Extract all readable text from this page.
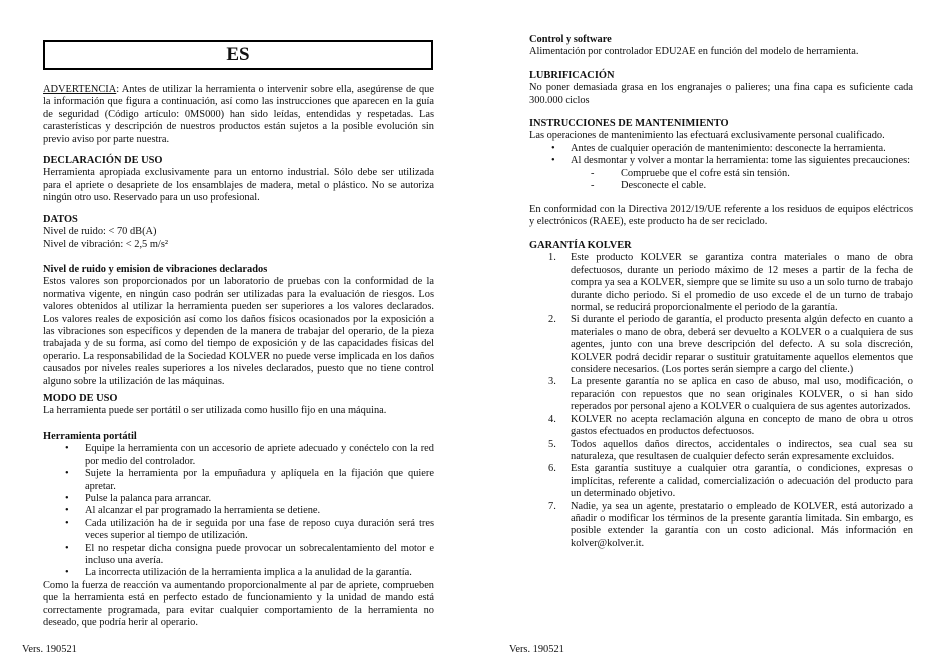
ES

ADVERTENCIA: Antes de utilizar la herramienta o intervenir sobre ella, asegúrense de que la información que figura a continuación, así como las instrucciones que aparecen en la guía de seguridad (Código artículo: 0MS000) han sido leídas, entendidas y respetadas. Las carasterísticas y descripción de nuestros productos están sujetos a la posible evolución sin previo aviso por parte nuestra.

DECLARACIÓN DE USO

Herramienta apropiada exclusivamente para un entorno industrial. Sólo debe ser utilizada para el apriete o desapriete de los ensamblajes de madera, metal o plástico. No se autoriza ningún otro uso. Reservado para un uso profesional.

DATOS
Nivel de ruido: < 70 dB(A)
Nivel de vibración: < 2,5 m/s²
Nivel de ruido y emision de vibraciones declarados

Estos valores son proporcionados por un laboratorio de pruebas con la conformidad de la normativa vigente, en ningún caso podrán ser utilizadas para la evaluación de riesgos. Los valores obtenidos al utilizar la herramienta pueden ser superiores a los valores declarados. Los valores reales de exposición así como los daños físicos ocasionados por la exposición a las vibraciones son específicos y dependen de la manera de trabajar del operario, de la pieza trabajada y de su forma, así como del tiempo de exposición y de las capacidades físicas del operario. La responsabilidad de la Sociedad KOLVER no puede verse implicada en los daños causados por niveles reales superiores a los niveles declarados, puesto que no tiene control alguno sobre la utilización de las máquinas.

MODO DE USO

La herramienta puede ser portátil o ser utilizada como husillo fijo en una máquina.

Herramienta portátil
• Equipe la herramienta con un accesorio de apriete adecuado y conéctelo con la red por medio del controlador.
• Sujete la herramienta por la empuñadura y aplíquela en la fijación que quiere apretar.
• Pulse la palanca para arrancar.
• Al alcanzar el par programado la herramienta se detiene.
• Cada utilización ha de ir seguida por una fase de reposo cuya duración será tres veces superior al tiempo de utilización.
• El no respetar dicha consigna puede provocar un sobrecalentamiento del motor e incluso una avería.
• La incorrecta utilización de la herramienta implica a la anulidad de la garantía.

Como la fuerza de reacción va aumentando proporcionalmente al par de apriete, comprueben que la herramienta está en perfecto estado de funcionamiento y la unidad de mando está correctamente programada, para evitar cualquier comportamiento de la herramienta no deseado, que podría herir al operario.

Vers. 190521
Control y software

Alimentación por controlador EDU2AE en función del modelo de herramienta.

LUBRIFICACIÓN

No poner demasiada grasa en los engranajes o palieres; una fina capa es suficiente cada 300.000 ciclos

INSTRUCCIONES DE MANTENIMIENTO

Las operaciones de mantenimiento las efectuará exclusivamente personal cualificado.

• Antes de cualquier operación de mantenimiento: desconecte la herramienta.
• Al desmontar y volver a montar la herramienta: tome las siguientes precauciones:
- Compruebe que el cofre está sin tensión.
- Desconecte el cable.

En conformidad con la Directiva 2012/19/UE referente a los residuos de equipos eléctricos y electrónicos (RAEE), este producto ha de ser reciclado.

GARANTÍA KOLVER
1. Este producto KOLVER se garantiza contra materiales o mano de obra defectuosos, durante un periodo máximo de 12 meses a partir de la fecha de compra ya sea a KOLVER, siempre que se limite su uso a un solo turno de trabajo durante dicho periodo. Si el promedio de uso excede el de un turno de trabajo normal, se reducirá proporcionalmente el periodo de la garantía.
2. Si durante el periodo de garantía, el producto presenta algún defecto en cuanto a materiales o mano de obra, deberá ser devuelto a KOLVER o a cualquiera de sus agentes, junto con una breve descripción del defecto. A su sola discreción, KOLVER podrá decidir reparar o sustituir gratuitamente aquellos elementos que considere necesarios. (Los portes serán siempre a cargo del cliente.)
3. La presente garantía no se aplica en caso de abuso, mal uso, modificación, o reparación con repuestos que no sean originales KOLVER, o si han sido reperados por personal ajeno a KOLVER o cualquiera de sus agentes autorizados.
4. KOLVER no acepta reclamación alguna en concepto de mano de obra u otros gastos efectuados en productos defectuosos.
5. Todos aquellos daños directos, accidentales o indirectos, sea cual sea su naturaleza, que resultasen de cualquier defecto serán expresamente excluidos.
6. Esta garantía sustituye a cualquier otra garantía, o condiciones, expresas o implícitas, referente a calidad, comercialización o adecuación del producto para un determinado objetivo.
7. Nadie, ya sea un agente, prestatario o empleado de KOLVER, está autorizado a añadir o modificar los términos de la presente garantía limitada. Sin embargo, es posible extender la garantía con un costo adicional. Más información en kolver@kolver.it.
Vers. 190521
